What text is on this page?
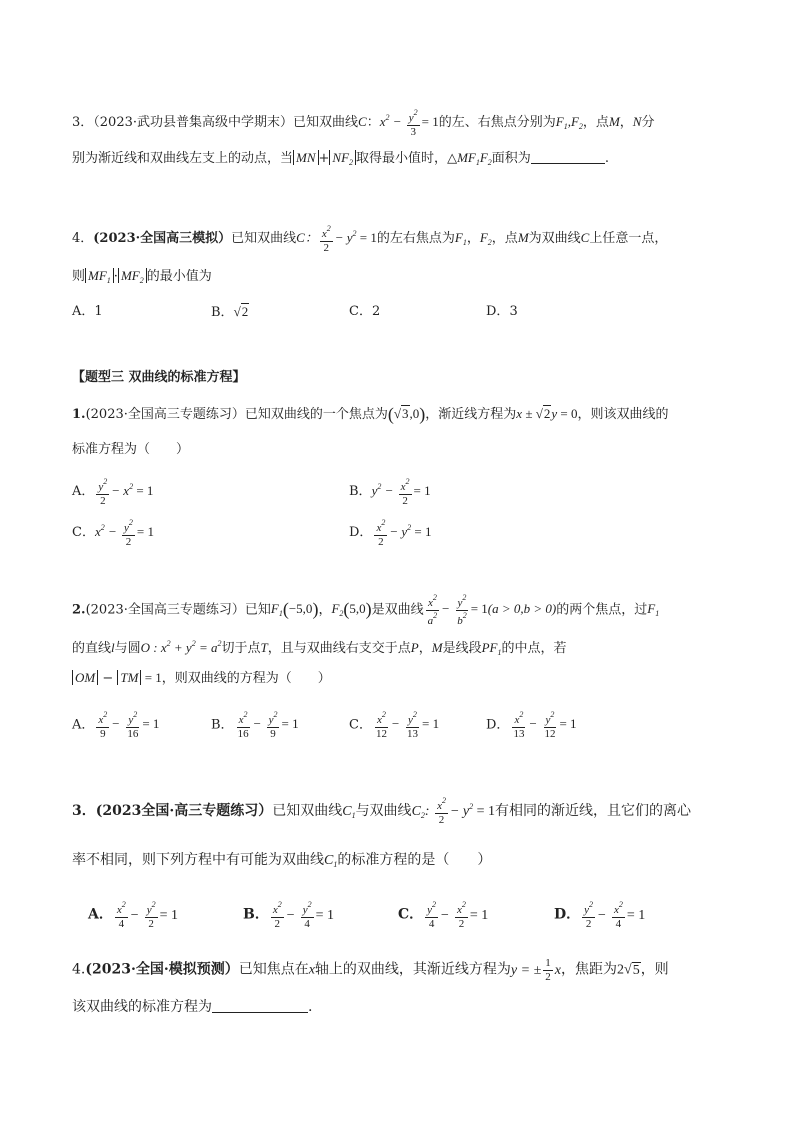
3．（2023·武功县普集高级中学期末）已知双曲线C：$x^2 - \frac{y^2}{3} = 1$的左、右焦点分别为$F_1,F_2$，点M，N分
别为渐近线和双曲线左支上的动点，当 MN + $NF_2$ 取得最小值时，$\triangle MF_1F_2$面积为	.
4．(2023·全国高三模拟）已知双曲线C： $\frac{x^2}{2} - y^2 = 1$的左右焦点为$F_1$，$F_2$，点M为双曲线C上任意一点，
则 $MF_1 \cdot MF_2$ 的最小值为
A．1	B．√2	C．2	D．3
【题型三 双曲线的标准方程】
1.(2023·全国高三专题练习）已知双曲线的一个焦点为(√3,0)，渐近线方程为x ± √2y = 0，则该双曲线的
标准方程为（　　）
A． $\frac{y^2}{2} - x^2 = 1$	B．$y^2 - \frac{x^2}{2} = 1$
C．$x^2 - \frac{y^2}{2} = 1$	D． $\frac{x^2}{2} - y^2 = 1$
2.(2023·全国高三专题练习）已知$F_1(-5,0)$，$F_2(5,0)$是双曲线 $\frac{x^2}{a^2} - \frac{y^2}{b^2} = 1(a > 0,b > 0)$的两个焦点，过$F_1$
的直线l与圆O : $x^2 + y^2 = a^2$切于点T，且与双曲线右支交于点P，M是线段$PF_1$的中点，若
OM − TM = 1，则双曲线的方程为（　　）
A． $\frac{x^2}{9} - \frac{y^2}{16} = 1$	B． $\frac{x^2}{16} - \frac{y^2}{9} = 1$	C． $\frac{x^2}{12} - \frac{y^2}{13} = 1$	D． $\frac{x^2}{13} - \frac{y^2}{12} = 1$
3．(2023全国·高三专题练习）已知双曲线$C_1$与双曲线$C_2$: $\frac{x^2}{2} - y^2 = 1$有相同的渐近线，且它们的离心
率不相同，则下列方程中有可能为双曲线$C_1$的标准方程的是（　　）
A． $\frac{x^2}{4} - \frac{y^2}{2} = 1$	B． $\frac{x^2}{2} - \frac{y^2}{4} = 1$	C． $\frac{y^2}{4} - \frac{x^2}{2} = 1$	D． $\frac{y^2}{2} - \frac{x^2}{4} = 1$
4.(2023·全国·模拟预测）已知焦点在x轴上的双曲线，其渐近线方程为y = ± $\frac{1}{2}$ x，焦距为2√5，则
该双曲线的标准方程为	.
